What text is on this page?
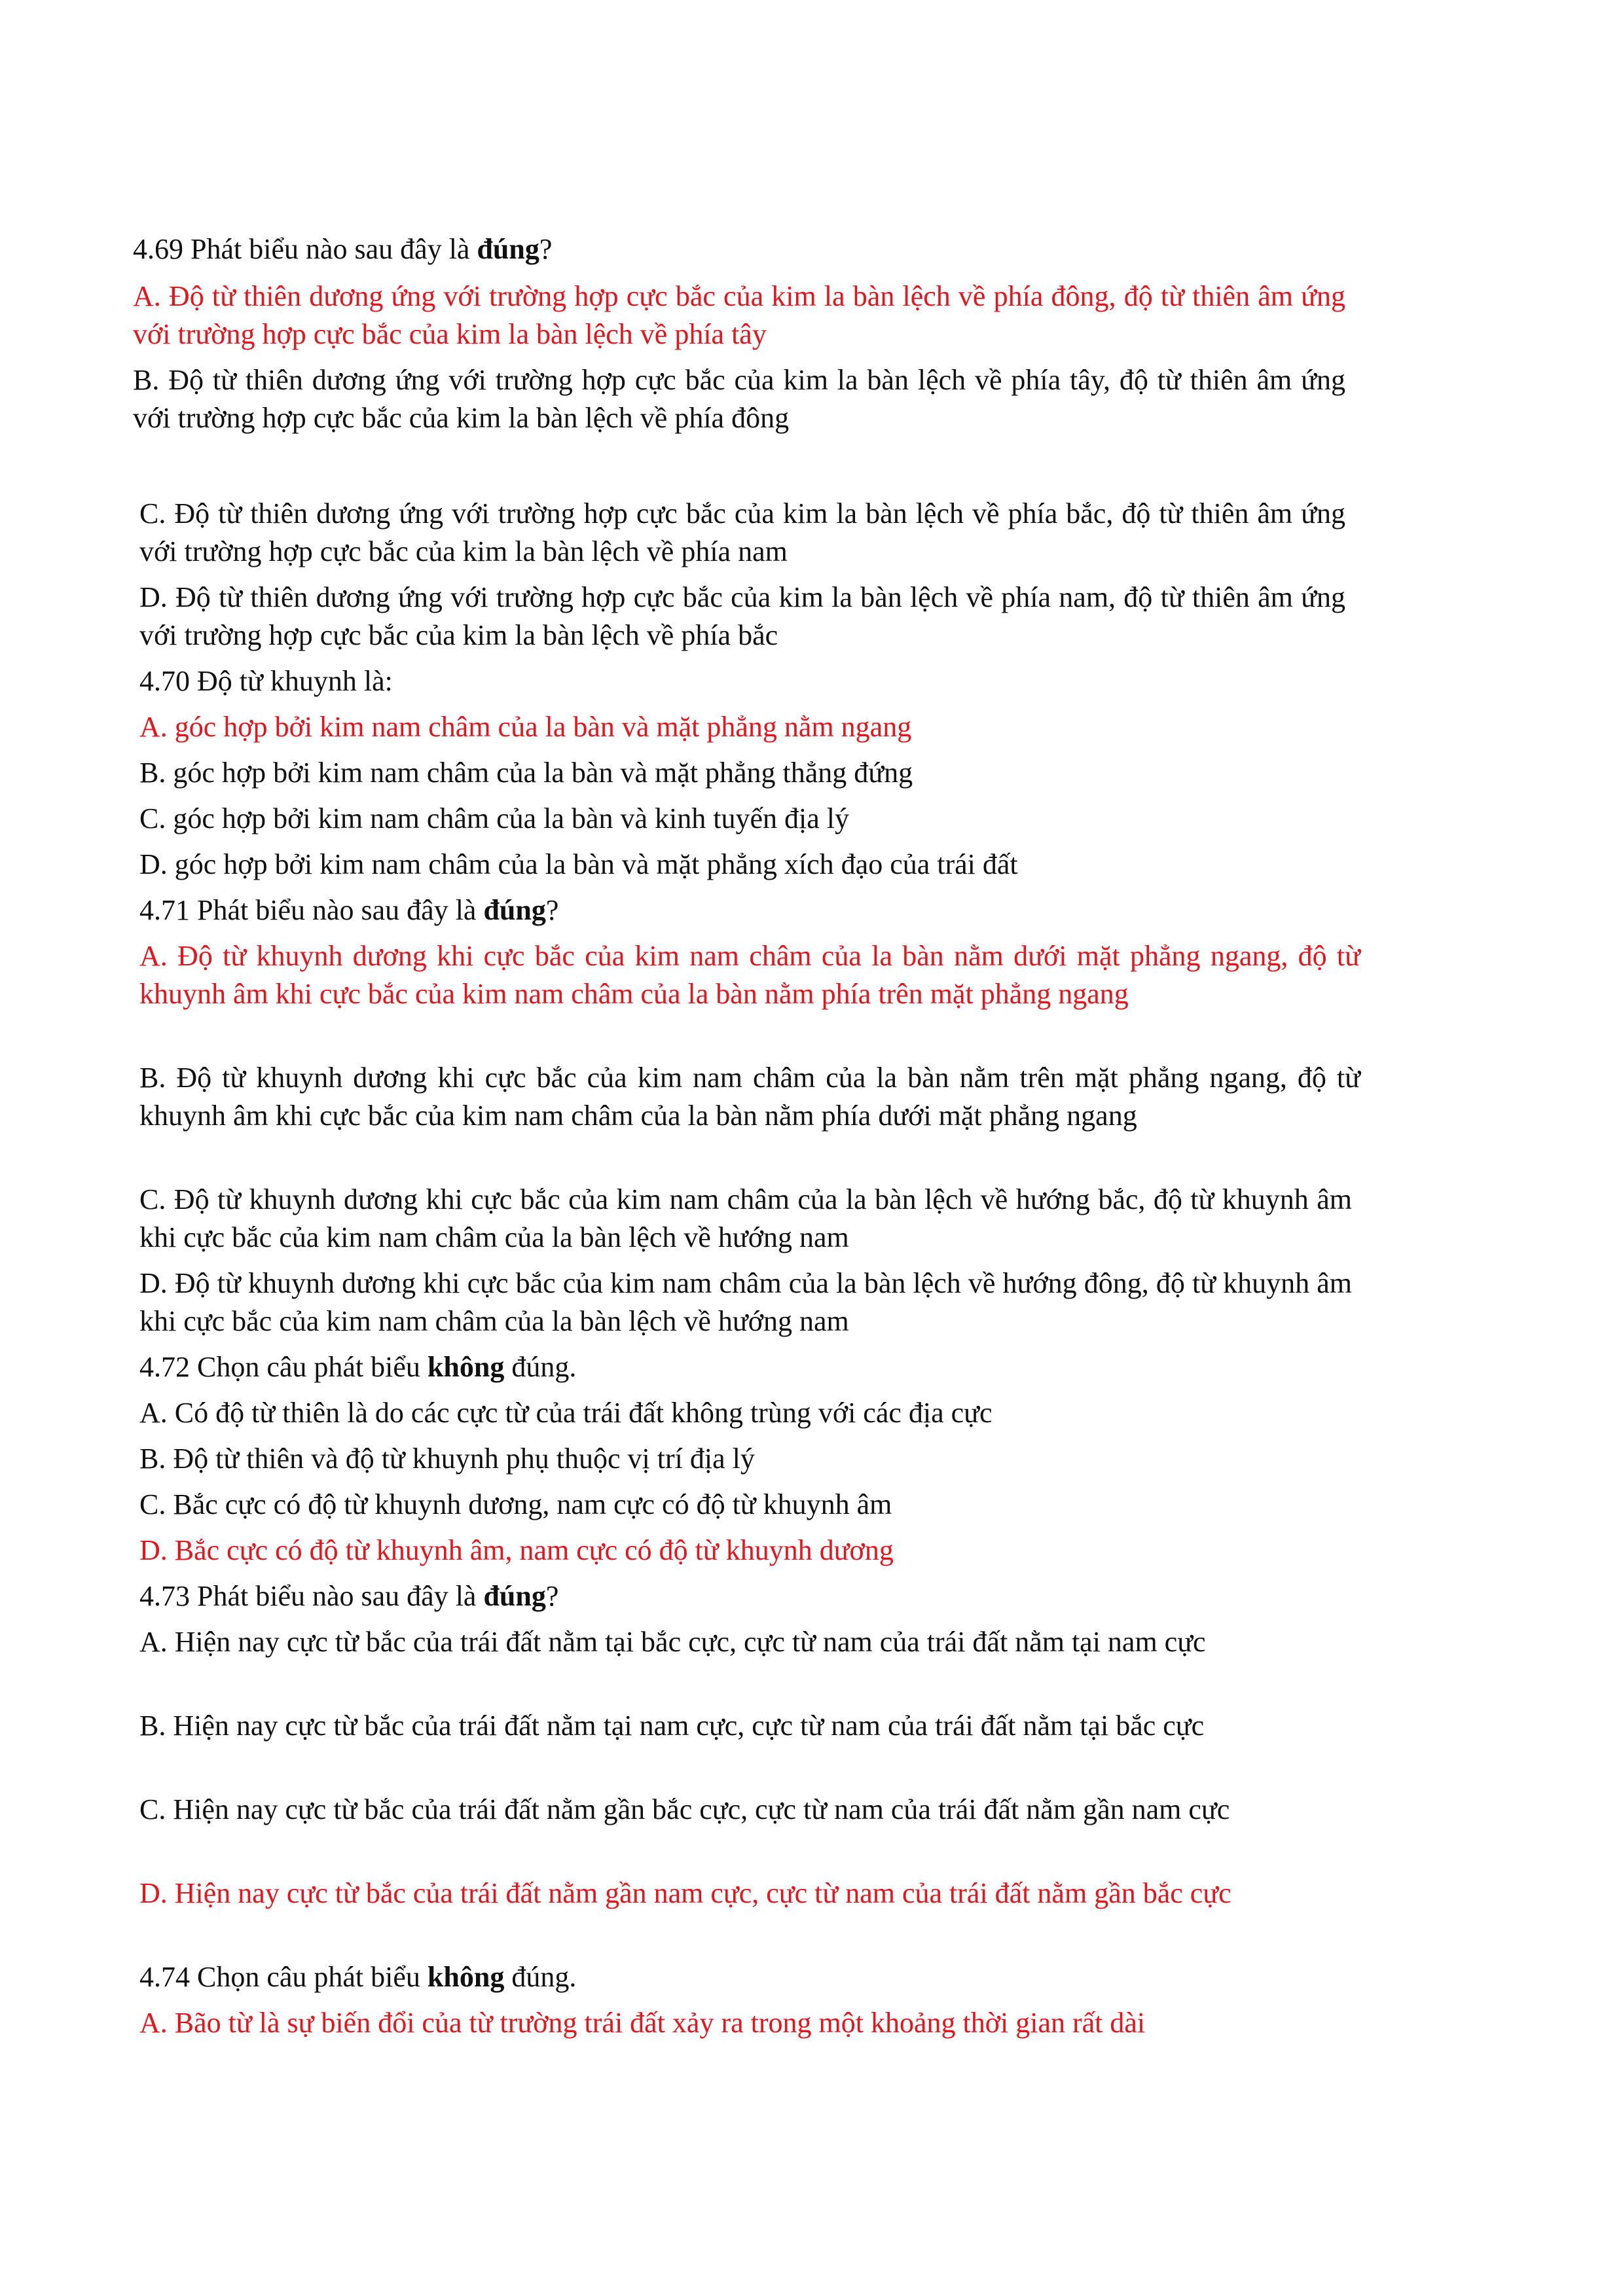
4.69 Phát biểu nào sau đây là đúng?
A. Độ từ thiên dương ứng với trường hợp cực bắc của kim la bàn lệch về phía đông, độ từ thiên âm ứng với trường hợp cực bắc của kim la bàn lệch về phía tây
B. Độ từ thiên dương ứng với trường hợp cực bắc của kim la bàn lệch về phía tây, độ từ thiên âm ứng với trường hợp cực bắc của kim la bàn lệch về phía đông
C. Độ từ thiên dương ứng với trường hợp cực bắc của kim la bàn lệch về phía bắc, độ từ thiên âm ứng với trường hợp cực bắc của kim la bàn lệch về phía nam
D. Độ từ thiên dương ứng với trường hợp cực bắc của kim la bàn lệch về phía nam, độ từ thiên âm ứng với trường hợp cực bắc của kim la bàn lệch về phía bắc
4.70 Độ từ khuynh là:
A. góc hợp bởi kim nam châm của la bàn và mặt phẳng nằm ngang
B. góc hợp bởi kim nam châm của la bàn và mặt phẳng thẳng đứng
C. góc hợp bởi kim nam châm của la bàn và kinh tuyến địa lý
D. góc hợp bởi kim nam châm của la bàn và mặt phẳng xích đạo của trái đất
4.71 Phát biểu nào sau đây là đúng?
A. Độ từ khuynh dương khi cực bắc của kim nam châm của la bàn nằm dưới mặt phẳng ngang, độ từ khuynh âm khi cực bắc của kim nam châm của la bàn nằm phía trên mặt phẳng ngang
B. Độ từ khuynh dương khi cực bắc của kim nam châm của la bàn nằm trên mặt phẳng ngang, độ từ khuynh âm khi cực bắc của kim nam châm của la bàn nằm phía dưới mặt phẳng ngang
C. Độ từ khuynh dương khi cực bắc của kim nam châm của la bàn lệch về hướng bắc, độ từ khuynh âm khi cực bắc của kim nam châm của la bàn lệch về hướng nam
D. Độ từ khuynh dương khi cực bắc của kim nam châm của la bàn lệch về hướng đông, độ từ khuynh âm khi cực bắc của kim nam châm của la bàn lệch về hướng nam
4.72 Chọn câu phát biểu không đúng.
A. Có độ từ thiên là do các cực từ của trái đất không trùng với các địa cực
B. Độ từ thiên và độ từ khuynh phụ thuộc vị trí địa lý
C. Bắc cực có độ từ khuynh dương, nam cực có độ từ khuynh âm
D. Bắc cực có độ từ khuynh âm, nam cực có độ từ khuynh dương
4.73 Phát biểu nào sau đây là đúng?
A. Hiện nay cực từ bắc của trái đất nằm tại bắc cực, cực từ nam của trái đất nằm tại nam cực
B. Hiện nay cực từ bắc của trái đất nằm tại nam cực, cực từ nam của trái đất nằm tại bắc cực
C. Hiện nay cực từ bắc của trái đất nằm gần bắc cực, cực từ nam của trái đất nằm gần nam cực
D. Hiện nay cực từ bắc của trái đất nằm gần nam cực, cực từ nam của trái đất nằm gần bắc cực
4.74 Chọn câu phát biểu không đúng.
A. Bão từ là sự biến đổi của từ trường trái đất xảy ra trong một khoảng thời gian rất dài
